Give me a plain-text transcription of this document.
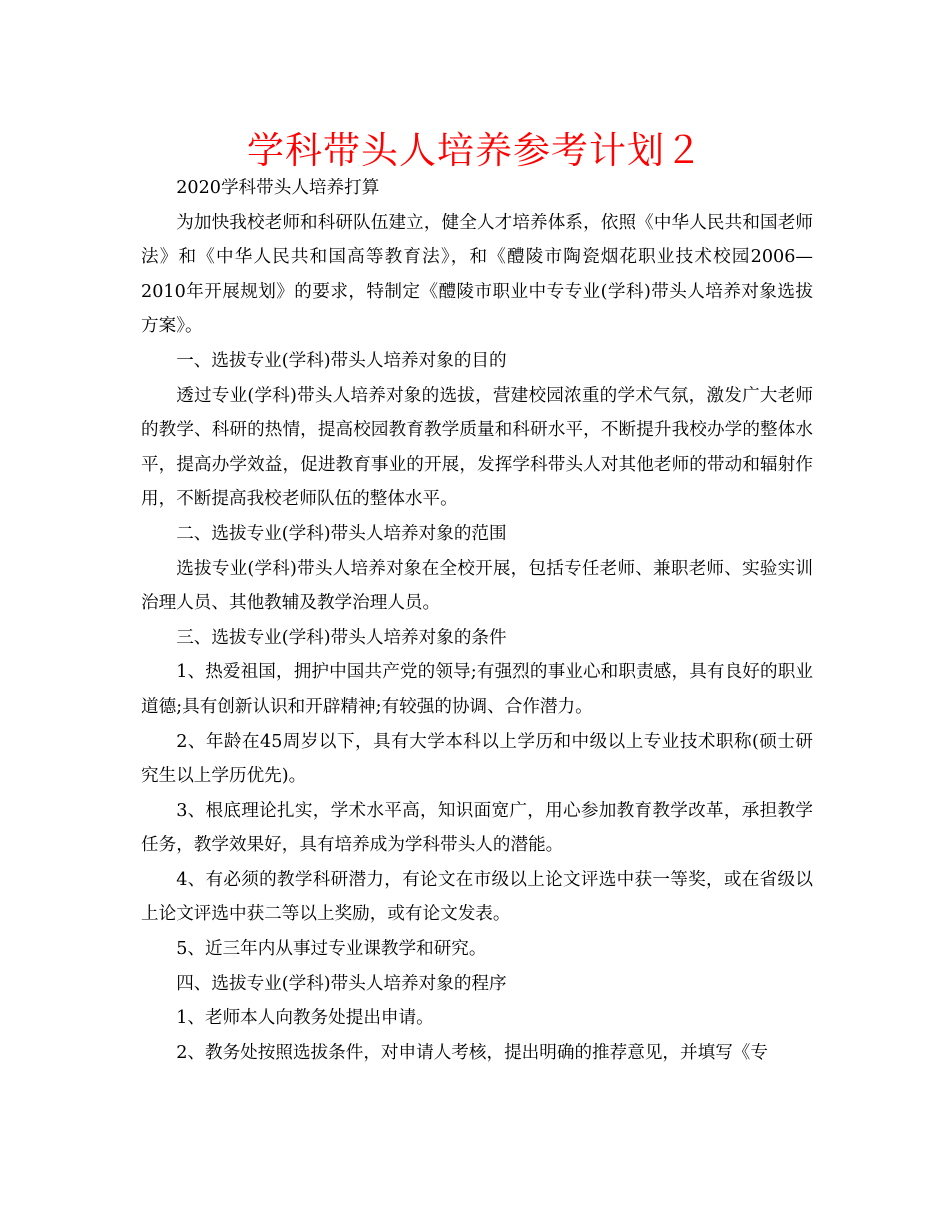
学科带头人培养参考计划２

2020学科带头人培养打算

为加快我校老师和科研队伍建立，健全人才培养体系，依照《中华人民共和国老师法》和《中华人民共和国高等教育法》，和《醴陵市陶瓷烟花职业技术校园2006—2010年开展规划》的要求，特制定《醴陵市职业中专专业(学科)带头人培养对象选拔方案》。

一、选拔专业(学科)带头人培养对象的目的

透过专业(学科)带头人培养对象的选拔，营建校园浓重的学术气氛，激发广大老师的教学、科研的热情，提高校园教育教学质量和科研水平，不断提升我校办学的整体水平，提高办学效益，促进教育事业的开展，发挥学科带头人对其他老师的带动和辐射作用，不断提高我校老师队伍的整体水平。

二、选拔专业(学科)带头人培养对象的范围

选拔专业(学科)带头人培养对象在全校开展，包括专任老师、兼职老师、实验实训治理人员、其他教辅及教学治理人员。

三、选拔专业(学科)带头人培养对象的条件

1、热爱祖国，拥护中国共产党的领导;有强烈的事业心和职责感，具有良好的职业道德;具有创新认识和开辟精神;有较强的协调、合作潜力。

2、年龄在45周岁以下，具有大学本科以上学历和中级以上专业技术职称(硕士研究生以上学历优先)。

3、根底理论扎实，学术水平高，知识面宽广，用心参加教育教学改革，承担教学任务，教学效果好，具有培养成为学科带头人的潜能。

4、有必须的教学科研潜力，有论文在市级以上论文评选中获一等奖，或在省级以上论文评选中获二等以上奖励，或有论文发表。

5、近三年内从事过专业课教学和研究。

四、选拔专业(学科)带头人培养对象的程序

1、老师本人向教务处提出申请。

2、教务处按照选拔条件，对申请人考核，提出明确的推荐意见，并填写《专
